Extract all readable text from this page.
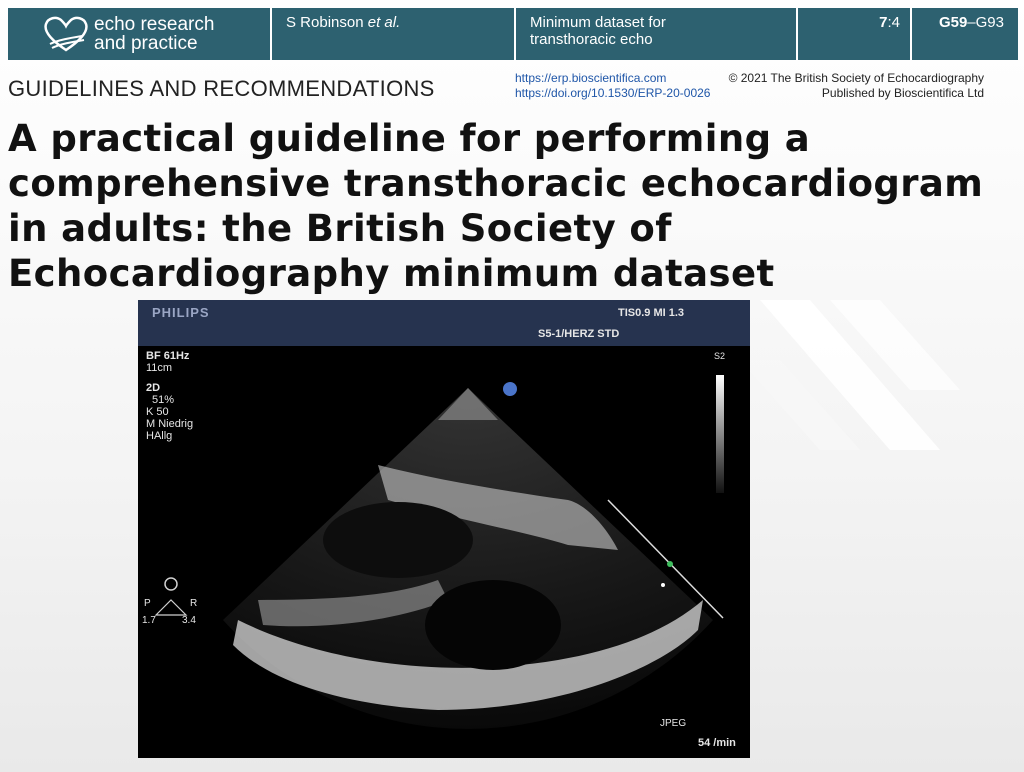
echo research
and practice
S Robinson et al.	Minimum dataset for
transthoracic echo
7:4	G59–G93
GUIDELINES AND RECOMMENDATIONS	https://erp.bioscientifica.com
https://doi.org/10.1530/ERP-20-0026
© 2021 The British Society of Echocardiography
Published by Bioscientifica Ltd
A practical guideline for performing a comprehensive transthoracic echocardiogram in adults: the British Society of Echocardiography minimum dataset
PHILIPS	TIS0.9 MI 1.3
S5-1/HERZ STD
BF 61Hz
11cm
2D
51%
K 50
M Niedrig
HAllg
S2
P	R
1.7	3.4
JPEG
54 /min
